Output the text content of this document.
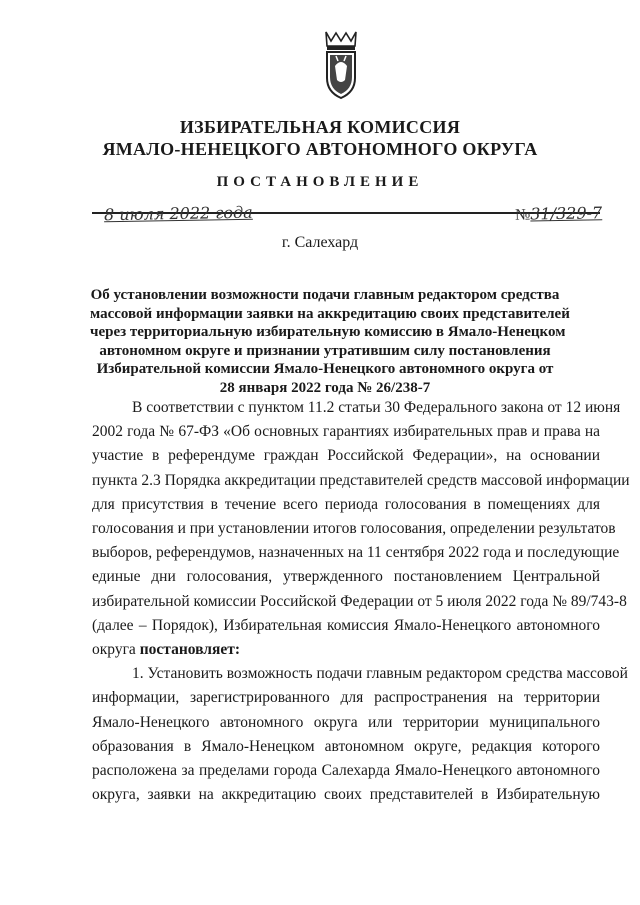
ИЗБИРАТЕЛЬНАЯ КОМИССИЯ
ЯМАЛО-НЕНЕЦКОГО АВТОНОМНОГО ОКРУГА
ПОСТАНОВЛЕНИЕ
8 июля 2022 года	№31/329-7
г. Салехард
Об установлении возможности подачи главным редактором средства
массовой информации заявки на аккредитацию своих представителей
через территориальную избирательную комиссию в Ямало-Ненецком
автономном округе и признании утратившим силу постановления
Избирательной комиссии Ямало-Ненецкого автономного округа от
28 января 2022 года № 26/238-7
В соответствии с пунктом 11.2 статьи 30 Федерального закона от 12 июня
2002 года № 67-ФЗ «Об основных гарантиях избирательных прав и права на
участие в референдуме граждан Российской Федерации», на основании
пункта 2.3 Порядка аккредитации представителей средств массовой информации
для присутствия в течение всего периода голосования в помещениях для
голосования и при установлении итогов голосования, определении результатов
выборов, референдумов, назначенных на 11 сентября 2022 года и последующие
единые дни голосования, утвержденного постановлением Центральной
избирательной комиссии Российской Федерации от 5 июля 2022 года № 89/743-8
(далее – Порядок), Избирательная комиссия Ямало-Ненецкого автономного
округа постановляет:
1. Установить возможность подачи главным редактором средства массовой
информации, зарегистрированного для распространения на территории
Ямало-Ненецкого автономного округа или территории муниципального
образования в Ямало-Ненецком автономном округе, редакция которого
расположена за пределами города Салехарда Ямало-Ненецкого автономного
округа, заявки на аккредитацию своих представителей в Избирательную
